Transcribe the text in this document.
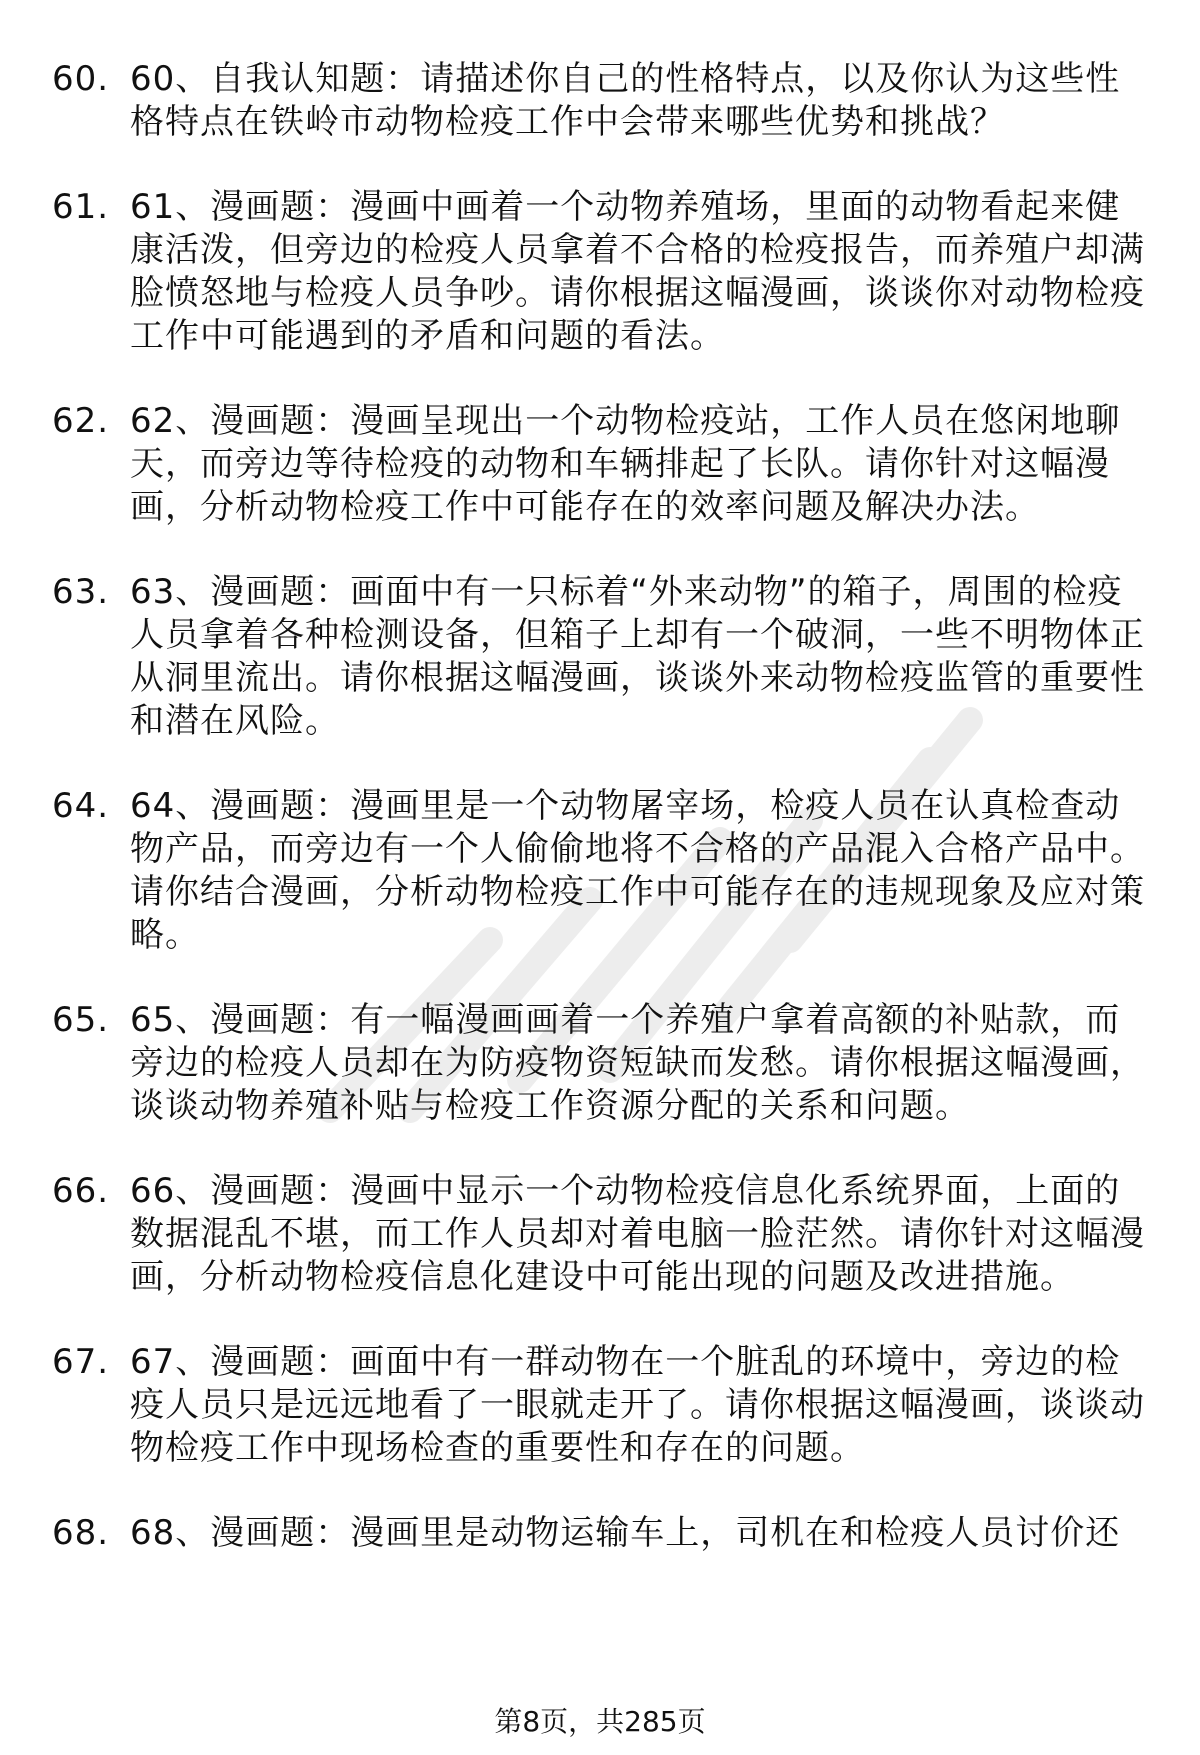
60. 60、自我认知题：请描述你自己的性格特点，以及你认为这些性格特点在铁岭市动物检疫工作中会带来哪些优势和挑战？
61. 61、漫画题：漫画中画着一个动物养殖场，里面的动物看起来健康活泼，但旁边的检疫人员拿着不合格的检疫报告，而养殖户却满脸愤怒地与检疫人员争吵。请你根据这幅漫画，谈谈你对动物检疫工作中可能遇到的矛盾和问题的看法。
62. 62、漫画题：漫画呈现出一个动物检疫站，工作人员在悠闲地聊天，而旁边等待检疫的动物和车辆排起了长队。请你针对这幅漫画，分析动物检疫工作中可能存在的效率问题及解决办法。
63. 63、漫画题：画面中有一只标着“外来动物”的箱子，周围的检疫人员拿着各种检测设备，但箱子上却有一个破洞，一些不明物体正从洞里流出。请你根据这幅漫画，谈谈外来动物检疫监管的重要性和潜在风险。
64. 64、漫画题：漫画里是一个动物屠宰场，检疫人员在认真检查动物产品，而旁边有一个人偷偷地将不合格的产品混入合格产品中。请你结合漫画，分析动物检疫工作中可能存在的违规现象及应对策略。
65. 65、漫画题：有一幅漫画画着一个养殖户拿着高额的补贴款，而旁边的检疫人员却在为防疫物资短缺而发愁。请你根据这幅漫画，谈谈动物养殖补贴与检疫工作资源分配的关系和问题。
66. 66、漫画题：漫画中显示一个动物检疫信息化系统界面，上面的数据混乱不堪，而工作人员却对着电脑一脸茫然。请你针对这幅漫画，分析动物检疫信息化建设中可能出现的问题及改进措施。
67. 67、漫画题：画面中有一群动物在一个脏乱的环境中，旁边的检疫人员只是远远地看了一眼就走开了。请你根据这幅漫画，谈谈动物检疫工作中现场检查的重要性和存在的问题。
68. 68、漫画题：漫画里是动物运输车上，司机在和检疫人员讨价还
第8页，共285页
